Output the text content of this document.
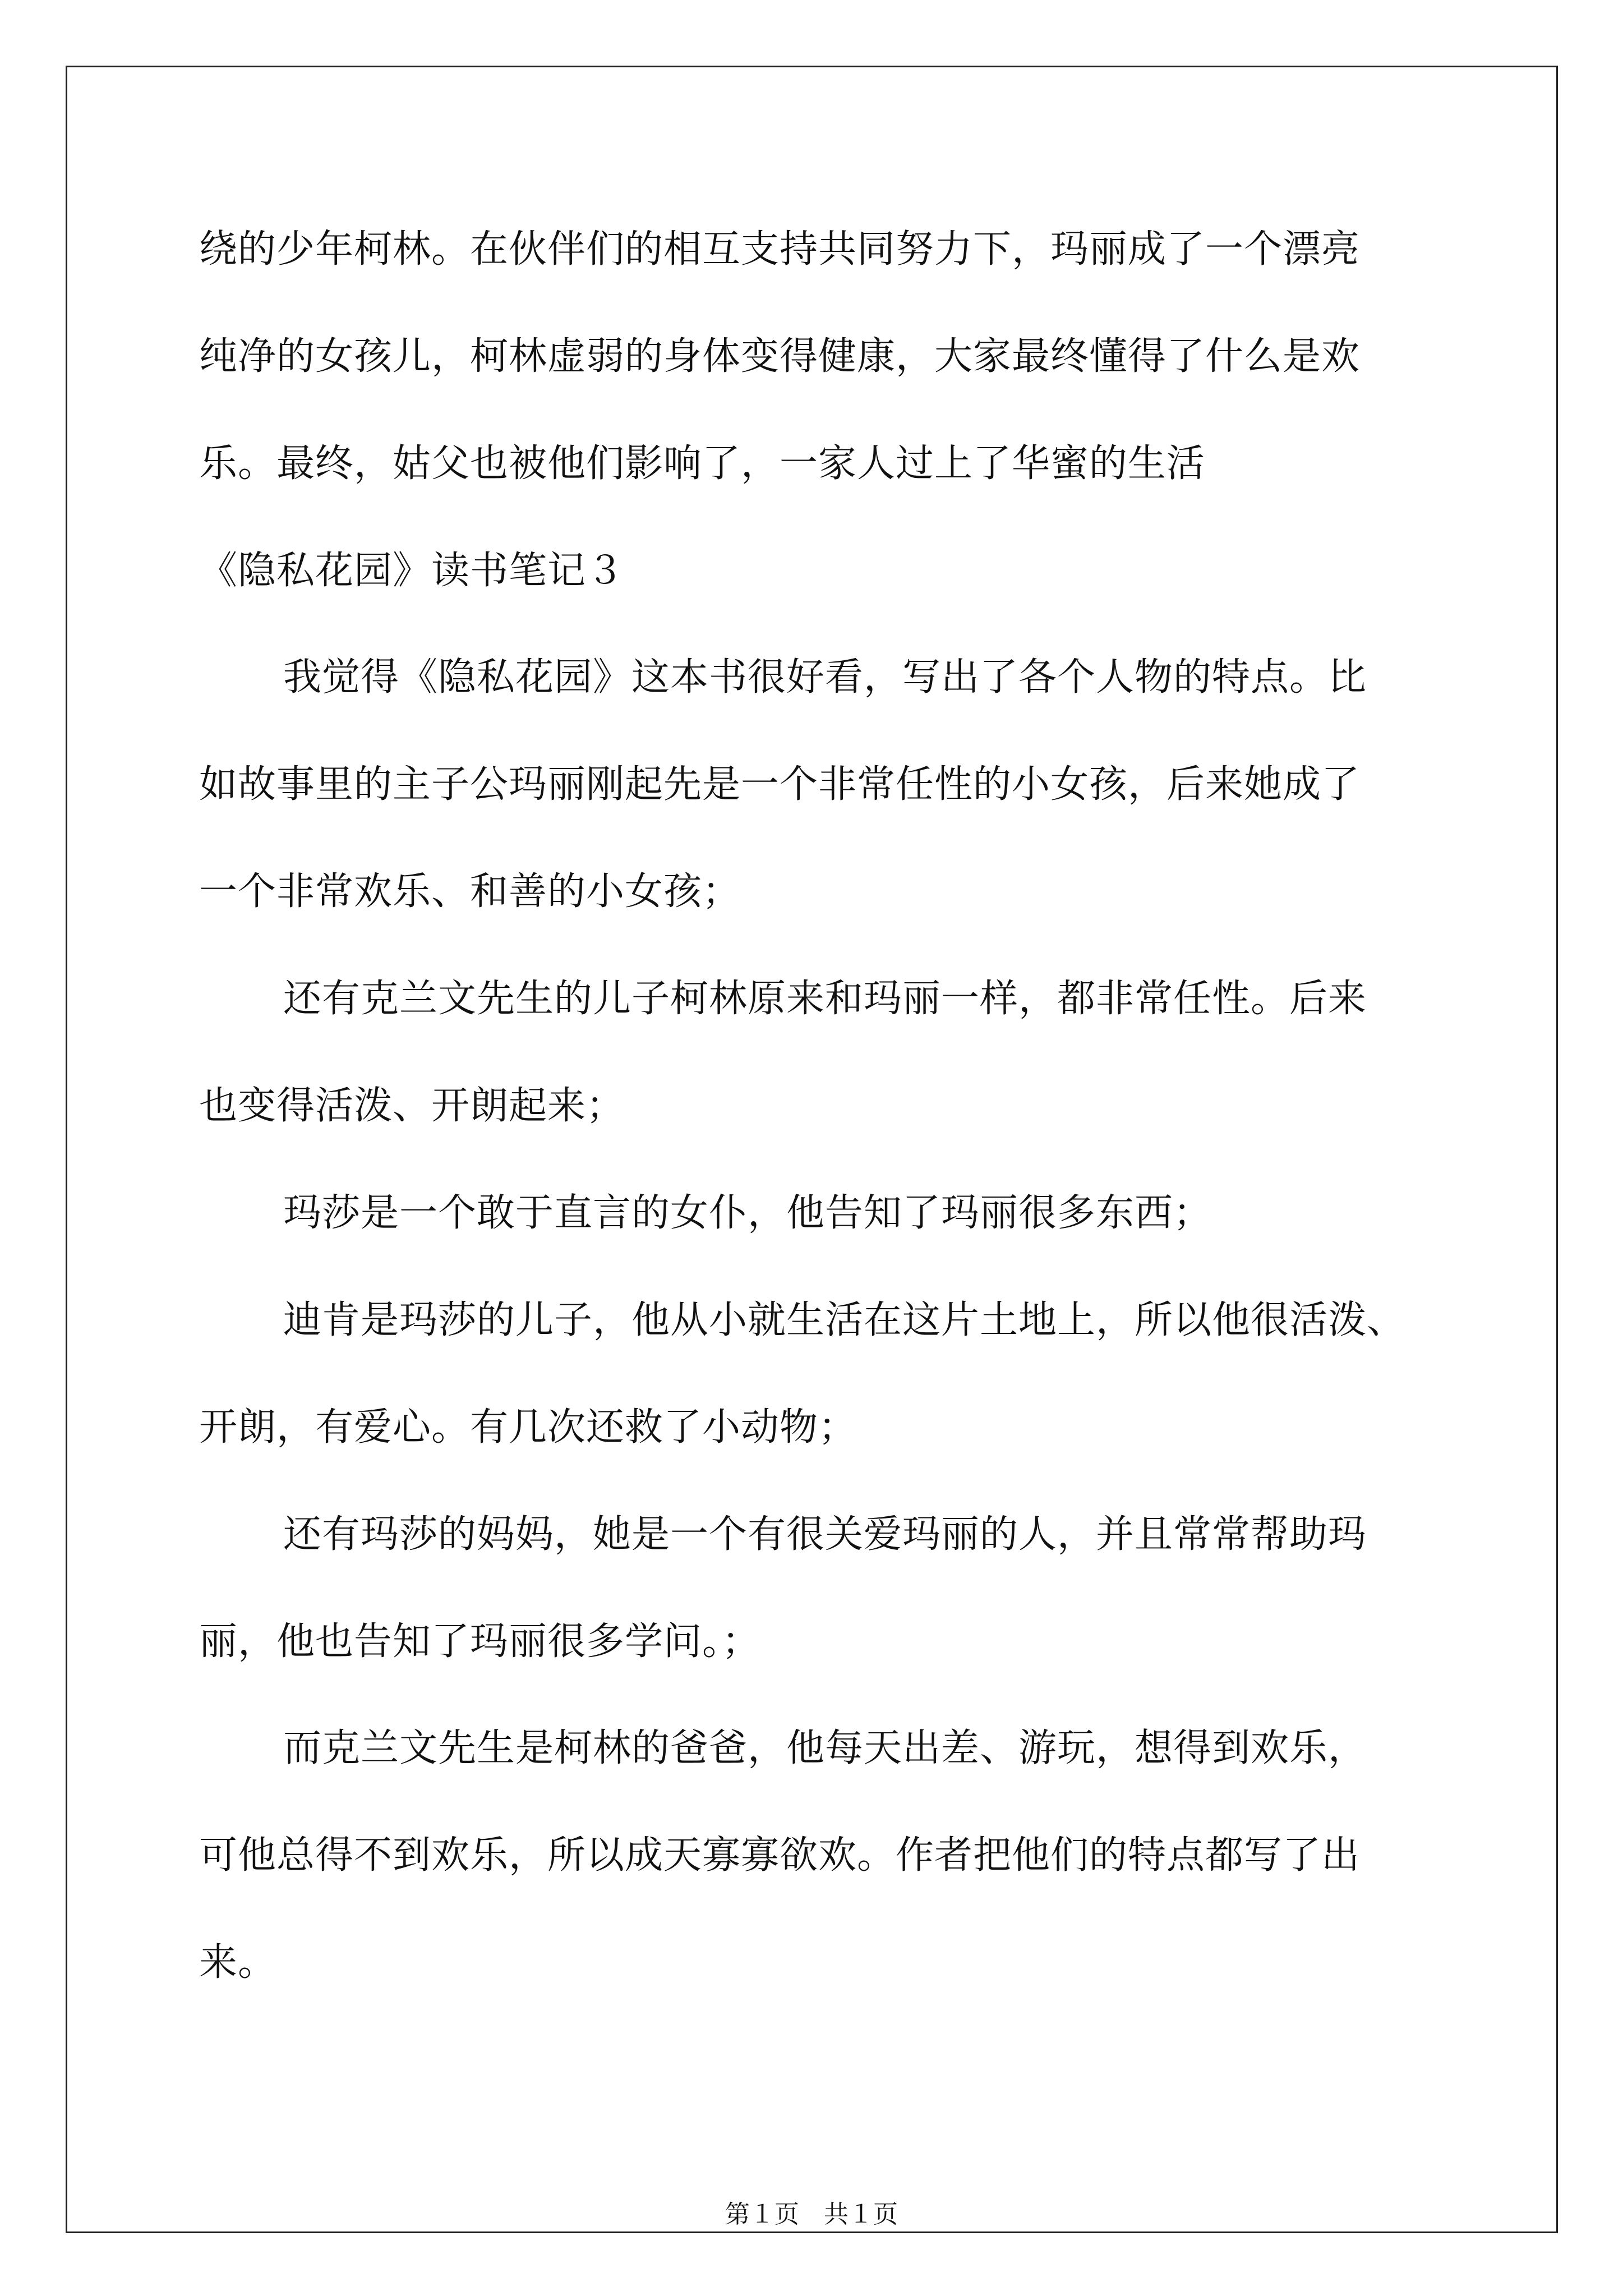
绕的少年柯林。在伙伴们的相互支持共同努力下，玛丽成了一个漂亮
纯净的女孩儿，柯林虚弱的身体变得健康，大家最终懂得了什么是欢
乐。最终，姑父也被他们影响了，一家人过上了华蜜的生活
《隐私花园》读书笔记３
我觉得《隐私花园》这本书很好看，写出了各个人物的特点。比
如故事里的主子公玛丽刚起先是一个非常任性的小女孩，后来她成了
一个非常欢乐、和善的小女孩；
还有克兰文先生的儿子柯林原来和玛丽一样，都非常任性。后来
也变得活泼、开朗起来；
玛莎是一个敢于直言的女仆，他告知了玛丽很多东西；
迪肯是玛莎的儿子，他从小就生活在这片土地上，所以他很活泼、
开朗，有爱心。有几次还救了小动物；
还有玛莎的妈妈，她是一个有很关爱玛丽的人，并且常常帮助玛
丽，他也告知了玛丽很多学问。；
而克兰文先生是柯林的爸爸，他每天出差、游玩，想得到欢乐，
可他总得不到欢乐，所以成天寡寡欲欢。作者把他们的特点都写了出
来。
第１页　共１页
